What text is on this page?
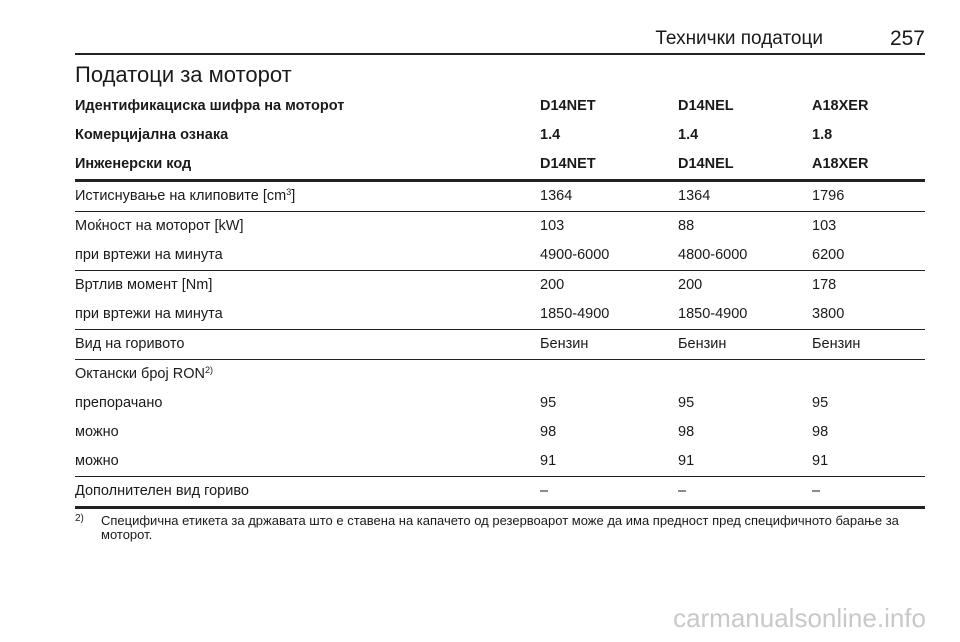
Технички податоци	257
Податоци за моторот
Идентификациска шифра на моторот	D14NET	D14NEL	A18XER
Комерцијална ознака	1.4	1.4	1.8
Инженерски код	D14NET	D14NEL	A18XER
Истиснување на клиповите $[cm^3]$	1364	1364	1796
Моќност на моторот [kW]	103	88	103
при вртежи на минута	4900-6000	4800-6000	6200
Вртлив момент [Nm]	200	200	178
при вртежи на минута	1850-4900	1850-4900	3800
Вид на горивото	Бензин	Бензин	Бензин
Октански број RON$^{2)}$
препорачано	95	95	95
можно	98	98	98
можно	91	91	91
Дополнителен вид гориво	–	–	–
2) Специфична етикета за државата што е ставена на капачето од резервоарот може да има предност пред специфичното барање за моторот.
carmanualsonline.info
